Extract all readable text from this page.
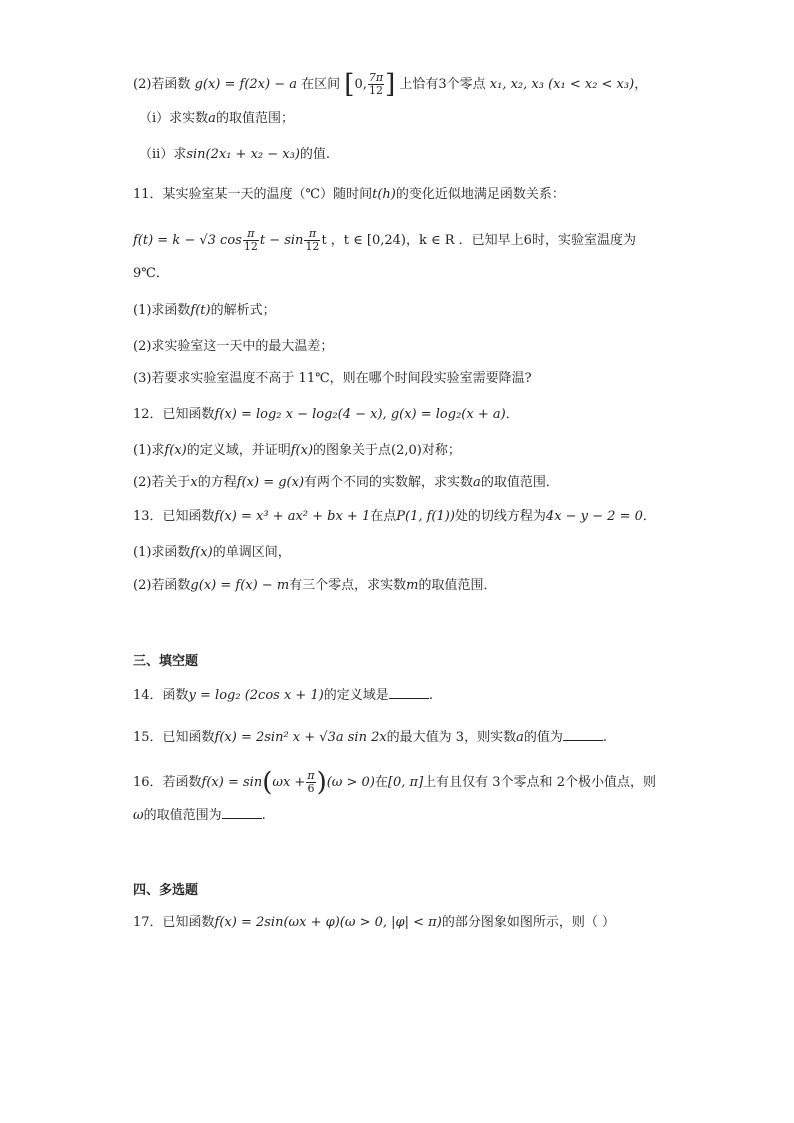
(2)若函数 g(x) = f(2x) − a 在区间 [0, $\frac{7\pi}{12}$ ] 上恰有3个零点 x₁, x₂, x₃ (x₁ < x₂ < x₃)，
（i）求实数a的取值范围；
（ii）求sin(2x₁ + x₂ − x₃)的值.
11．某实验室某一天的温度（℃）随时间t(h)的变化近似地满足函数关系：
f(t) = k − √3 $\cos \frac{\pi}{12}$ $t - \sin \frac{\pi}{12}$ t ，t ∈ [0,24)，k ∈ R ．已知早上6时，实验室温度为
9℃．
(1)求函数f(t)的解析式；
(2)求实验室这一天中的最大温差；
(3)若要求实验室温度不高于 11℃，则在哪个时间段实验室需要降温?
12．已知函数f(x) = log₂ x − log₂(4 − x), g(x) = log₂(x + a)．
(1)求f(x)的定义域，并证明f(x)的图象关于点(2,0)对称；
(2)若关于x的方程f(x) = g(x)有两个不同的实数解，求实数a的取值范围．
13．已知函数f(x) = x³ + ax² + bx + 1在点P(1, f(1))处的切线方程为4x − y − 2 = 0．
(1)求函数f(x)的单调区间，
(2)若函数g(x) = f(x) − m有三个零点，求实数m的取值范围．
三、填空题
14．函数y = log₂ (2cos x + 1)的定义域是	.
15．已知函数f(x) = 2sin² x + √3a sin 2x的最大值为 3，则实数a的值为	.
16．若函数$f(x) = \sin(\omega x + \frac{\pi}{6} )(\omega > 0)$在[0, π]上有且仅有 3个零点和 2个极小值点，则
ω的取值范围为	.
四、多选题
17．已知函数f(x) = 2sin(ωx + φ)(ω > 0, |φ| < π)的部分图象如图所示，则（ ）
